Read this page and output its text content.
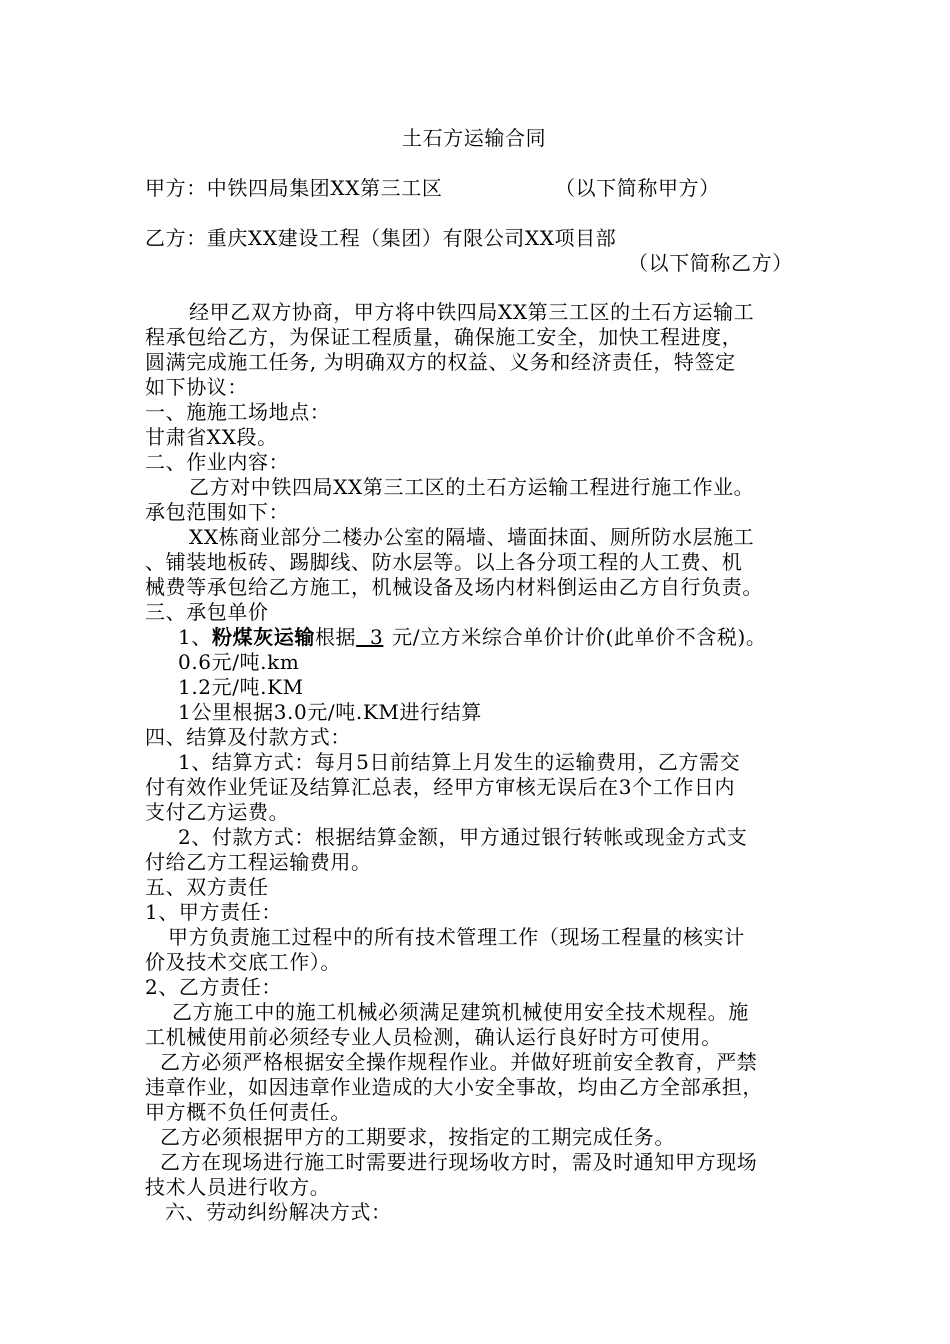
土石方运输合同
甲方：中铁四局集团XX第三工区	（以下简称甲方）
乙方：重庆XX建设工程（集团）有限公司XX项目部
（以下简称乙方）
经甲乙双方协商，甲方将中铁四局XX第三工区的土石方运输工
程承包给乙方，为保证工程质量，确保施工安全，加快工程进度，
圆满完成施工任务, 为明确双方的权益、义务和经济责任，特签定
如下协议：
一、施施工场地点：
甘肃省XX段。
二、作业内容：
乙方对中铁四局XX第三工区的土石方运输工程进行施工作业。
承包范围如下：
XX栋商业部分二楼办公室的隔墙、墙面抹面、厕所防水层施工
、铺装地板砖、踢脚线、防水层等。以上各分项工程的人工费、机
械费等承包给乙方施工，机械设备及场内材料倒运由乙方自行负责。
三、承包单价
1、粉煤灰运输根据  3 元/立方米综合单价计价(此单价不含税)。
0.6元/吨.km
1.2元/吨.KM
1公里根据3.0元/吨.KM进行结算
四、结算及付款方式：
1、结算方式：每月5日前结算上月发生的运输费用，乙方需交
付有效作业凭证及结算汇总表，经甲方审核无误后在3个工作日内
支付乙方运费。
2、付款方式：根据结算金额，甲方通过银行转帐或现金方式支
付给乙方工程运输费用。
五、双方责任
1、甲方责任：
甲方负责施工过程中的所有技术管理工作（现场工程量的核实计
价及技术交底工作）。
2、乙方责任：
乙方施工中的施工机械必须满足建筑机械使用安全技术规程。施
工机械使用前必须经专业人员检测，确认运行良好时方可使用。
乙方必须严格根据安全操作规程作业。并做好班前安全教育，严禁
违章作业，如因违章作业造成的大小安全事故，均由乙方全部承担，
甲方概不负任何责任。
乙方必须根据甲方的工期要求，按指定的工期完成任务。
乙方在现场进行施工时需要进行现场收方时，需及时通知甲方现场
技术人员进行收方。
六、劳动纠纷解决方式：
